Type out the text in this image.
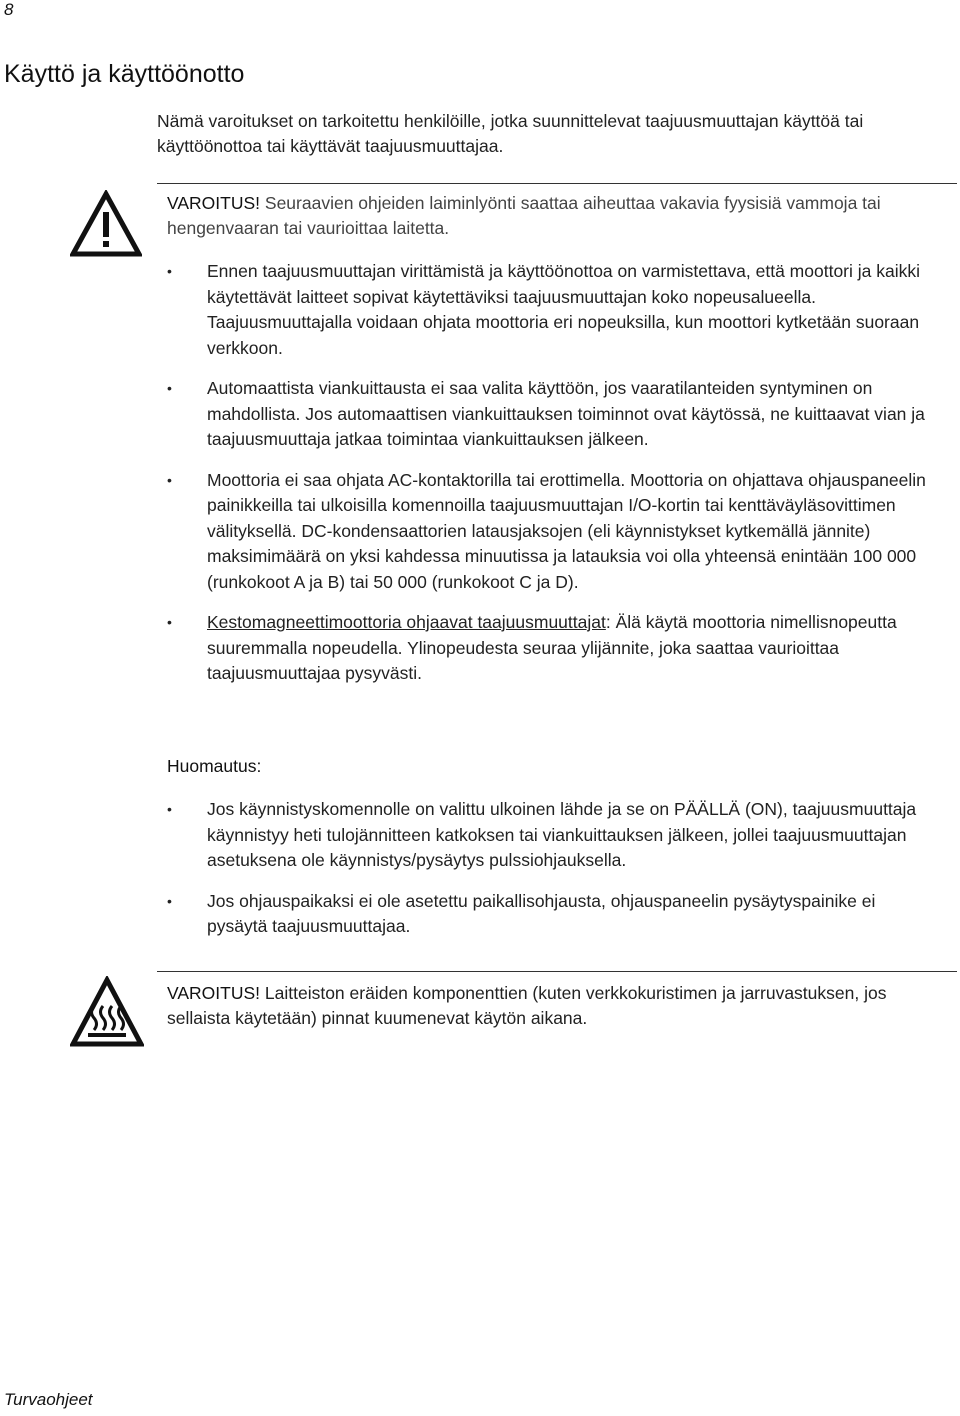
8
Käyttö ja käyttöönotto
Nämä varoitukset on tarkoitettu henkilöille, jotka suunnittelevat taajuusmuuttajan käyttöä tai käyttöönottoa tai käyttävät taajuusmuuttajaa.
VAROITUS! Seuraavien ohjeiden laiminlyönti saattaa aiheuttaa vakavia fyysisiä vammoja tai hengenvaaran tai vaurioittaa laitetta.
• Ennen taajuusmuuttajan virittämistä ja käyttöönottoa on varmistettava, että moottori ja kaikki käytettävät laitteet sopivat käytettäviksi taajuusmuuttajan koko nopeusalueella. Taajuusmuuttajalla voidaan ohjata moottoria eri nopeuksilla, kun moottori kytketään suoraan verkkoon.
• Automaattista viankuittausta ei saa valita käyttöön, jos vaaratilanteiden syntyminen on mahdollista. Jos automaattisen viankuittauksen toiminnot ovat käytössä, ne kuittaavat vian ja taajuusmuuttaja jatkaa toimintaa viankuittauksen jälkeen.
• Moottoria ei saa ohjata AC-kontaktorilla tai erottimella. Moottoria on ohjattava ohjauspaneelin painikkeilla tai ulkoisilla komennoilla taajuusmuuttajan I/O-kortin tai kenttäväyläsovittimen välityksellä. DC-kondensaattorien latausjaksojen (eli käynnistykset kytkemällä jännite) maksimimäärä on yksi kahdessa minuutissa ja latauksia voi olla yhteensä enintään 100 000 (runkokoot A ja B) tai 50 000 (runkokoot C ja D).
• Kestomagneettimoottoria ohjaavat taajuusmuuttajat: Älä käytä moottoria nimellisnopeutta suuremmalla nopeudella. Ylinopeudesta seuraa ylijännite, joka saattaa vaurioittaa taajuusmuuttajaa pysyvästi.
Huomautus:
• Jos käynnistyskomennolle on valittu ulkoinen lähde ja se on PÄÄLLÄ (ON), taajuusmuuttaja käynnistyy heti tulojännitteen katkoksen tai viankuittauksen jälkeen, jollei taajuusmuuttajan asetuksena ole käynnistys/pysäytys pulssiohjauksella.
• Jos ohjauspaikaksi ei ole asetettu paikallisohjausta, ohjauspaneelin pysäytyspainike ei pysäytä taajuusmuuttajaa.
VAROITUS! Laitteiston eräiden komponenttien (kuten verkkokuristimen ja jarruvastuksen, jos sellaista käytetään) pinnat kuumenevat käytön aikana.
Turvaohjeet
